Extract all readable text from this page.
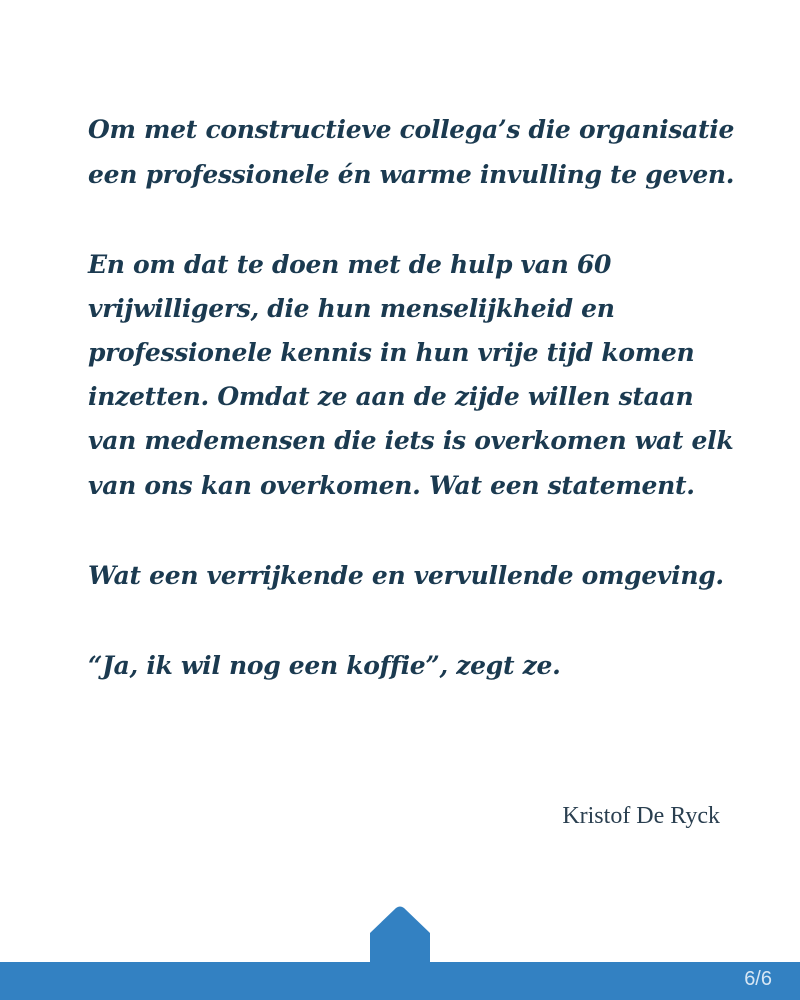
Om met constructieve collega’s die organisatie
een professionele én warme invulling te geven.
En om dat te doen met de hulp van 60
vrijwilligers, die hun menselijkheid en
professionele kennis in hun vrije tijd komen
inzetten. Omdat ze aan de zijde willen staan
van medemensen die iets is overkomen wat elk
van ons kan overkomen. Wat een statement.
Wat een verrijkende en vervullende omgeving.
“Ja, ik wil nog een koffie”, zegt ze.
Kristof De Ryck
6/6
